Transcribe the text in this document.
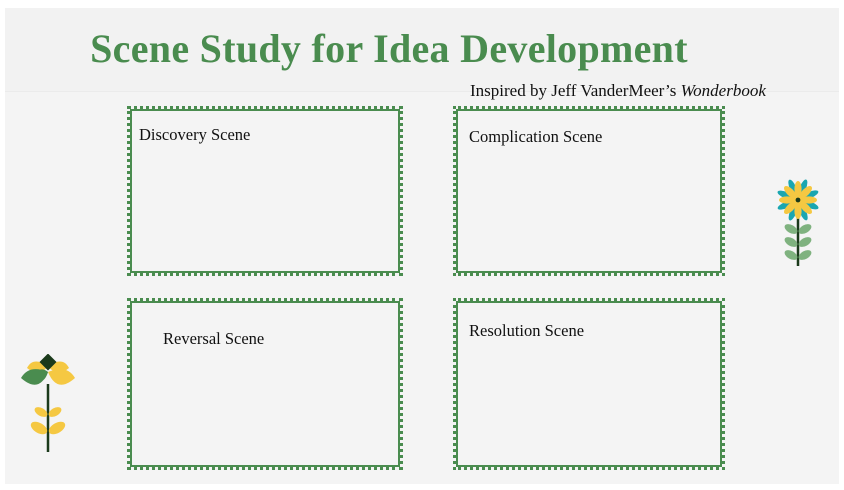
Scene Study for Idea Development
Inspired by Jeff VanderMeer’s Wonderbook
Discovery Scene	Complication Scene
Reversal Scene	Resolution Scene
